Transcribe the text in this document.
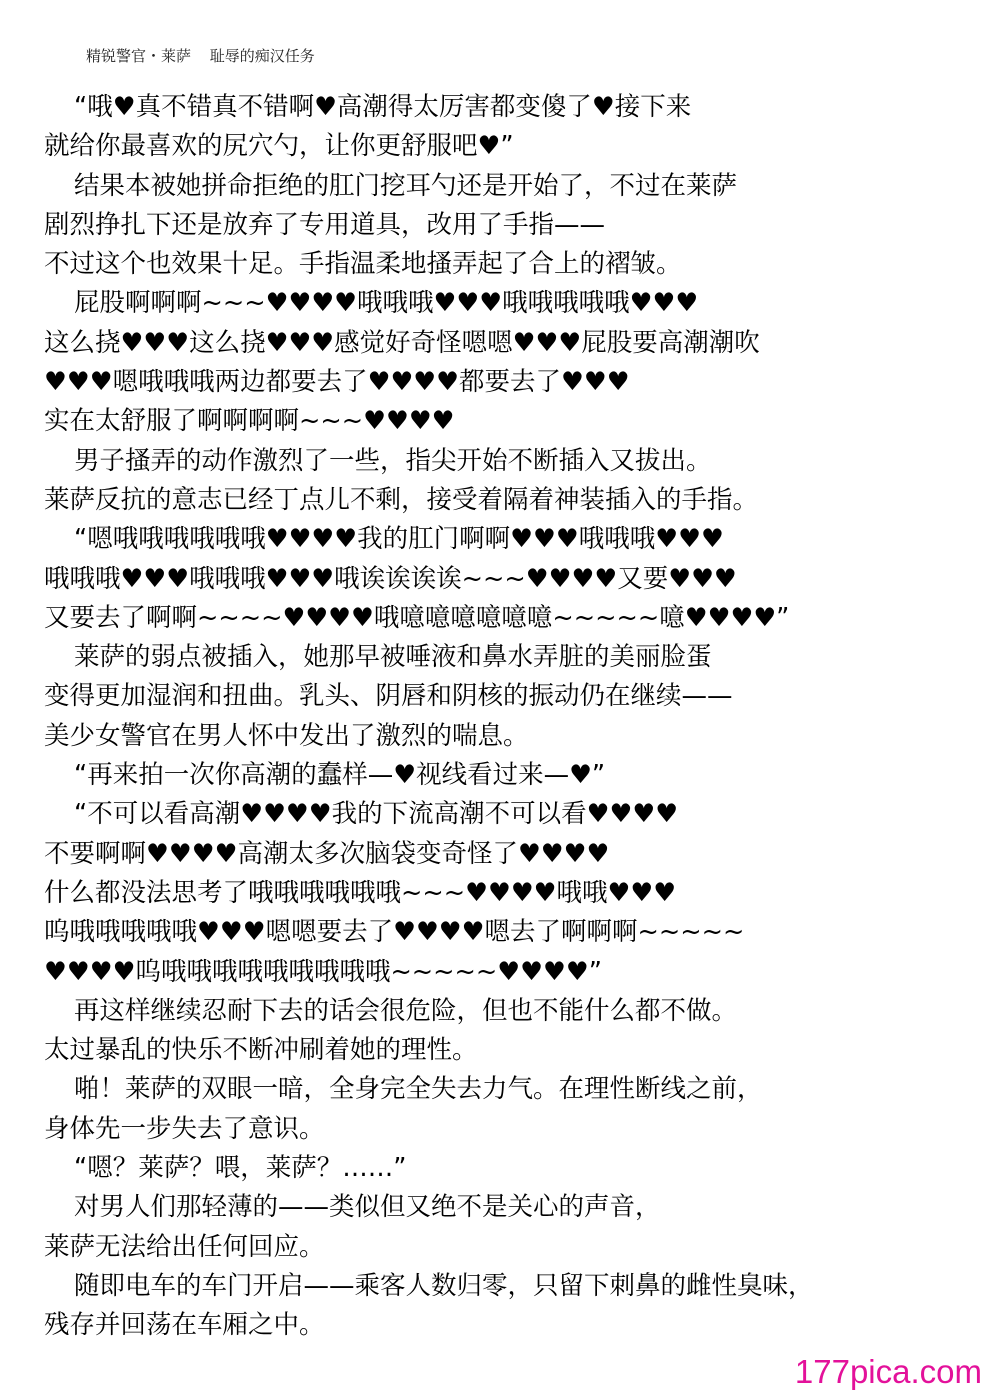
精锐警官・莱萨 耻辱的痴汉任务
“哦♥真不错真不错啊♥高潮得太厉害都变傻了♥接下来
就给你最喜欢的尻穴勺，让你更舒服吧♥”
结果本被她拼命拒绝的肛门挖耳勺还是开始了，不过在莱萨
剧烈挣扎下还是放弃了专用道具，改用了手指——
不过这个也效果十足。手指温柔地搔弄起了合上的褶皱。
屁股啊啊啊~~~♥♥♥♥哦哦哦♥♥♥哦哦哦哦哦♥♥♥
这么挠♥♥♥这么挠♥♥♥感觉好奇怪嗯嗯♥♥♥屁股要高潮潮吹
♥♥♥嗯哦哦哦两边都要去了♥♥♥♥都要去了♥♥♥
实在太舒服了啊啊啊啊~~~♥♥♥♥
男子搔弄的动作激烈了一些，指尖开始不断插入又拔出。
莱萨反抗的意志已经丁点儿不剩，接受着隔着神装插入的手指。
“嗯哦哦哦哦哦哦♥♥♥♥我的肛门啊啊♥♥♥哦哦哦♥♥♥
哦哦哦♥♥♥哦哦哦♥♥♥哦诶诶诶诶~~~♥♥♥♥又要♥♥♥
又要去了啊啊~~~~♥♥♥♥哦噫噫噫噫噫噫~~~~~噫♥♥♥♥”
莱萨的弱点被插入，她那早被唾液和鼻水弄脏的美丽脸蛋
变得更加湿润和扭曲。乳头、阴唇和阴核的振动仍在继续——
美少女警官在男人怀中发出了激烈的喘息。
“再来拍一次你高潮的蠢样—♥视线看过来—♥”
“不可以看高潮♥♥♥♥我的下流高潮不可以看♥♥♥♥
不要啊啊♥♥♥♥高潮太多次脑袋变奇怪了♥♥♥♥
什么都没法思考了哦哦哦哦哦哦~~~♥♥♥♥哦哦♥♥♥
呜哦哦哦哦哦♥♥♥嗯嗯要去了♥♥♥♥嗯去了啊啊啊~~~~~
♥♥♥♥呜哦哦哦哦哦哦哦哦哦~~~~~♥♥♥♥”
再这样继续忍耐下去的话会很危险，但也不能什么都不做。
太过暴乱的快乐不断冲刷着她的理性。
啪！莱萨的双眼一暗，全身完全失去力气。在理性断线之前，
身体先一步失去了意识。
“嗯？莱萨？喂，莱萨？……”
对男人们那轻薄的——类似但又绝不是关心的声音，
莱萨无法给出任何回应。
随即电车的车门开启——乘客人数归零，只留下刺鼻的雌性臭味，
残存并回荡在车厢之中。
177pica.com
